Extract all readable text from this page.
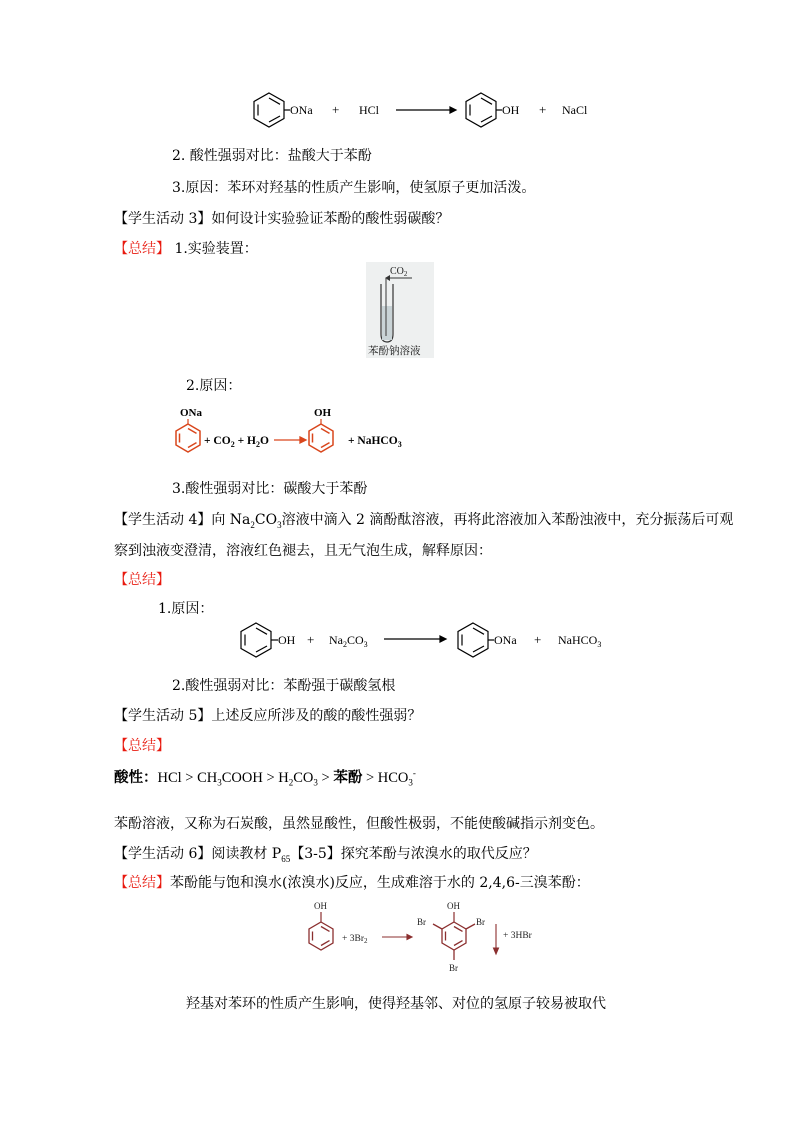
ONa + HCl	OH + NaCl
2. 酸性强弱对比：盐酸大于苯酚
3.原因：苯环对羟基的性质产生影响，使氢原子更加活泼。
【学生活动 3】如何设计实验验证苯酚的酸性弱碳酸？
【总结】 1.实验装置：
$CO_2$
苯酚钠溶液
2.原因：
ONa
+ $CO_2 + H_2O$
OH
+ NaHCO$_3$
3.酸性强弱对比：碳酸大于苯酚
【学生活动 4】向 $Na_2CO_3$溶液中滴入 2 滴酚酞溶液，再将此溶液加入苯酚浊液中，充分振荡后可观
察到浊液变澄清，溶液红色褪去，且无气泡生成，解释原因：
【总结】
1.原因：
OH + $Na_2CO_3$	ONa + NaHCO$_3$
2.酸性强弱对比：苯酚强于碳酸氢根
【学生活动 5】上述反应所涉及的酸的酸性强弱？
【总结】
酸性：HCl > $CH_3COOH > H_2CO_3$ > 苯酚 > $HCO_3^-$
苯酚溶液，又称为石炭酸，虽然显酸性，但酸性极弱，不能使酸碱指示剂变色。
【学生活动 6】阅读教材 $P_{65}$【3-5】探究苯酚与浓溴水的取代反应？
【总结】苯酚能与饱和溴水(浓溴水)反应，生成难溶于水的 2,4,6-三溴苯酚：
OH
+ $3Br_2$
OH
Br	Br
Br
+ 3HBr
羟基对苯环的性质产生影响，使得羟基邻、对位的氢原子较易被取代
